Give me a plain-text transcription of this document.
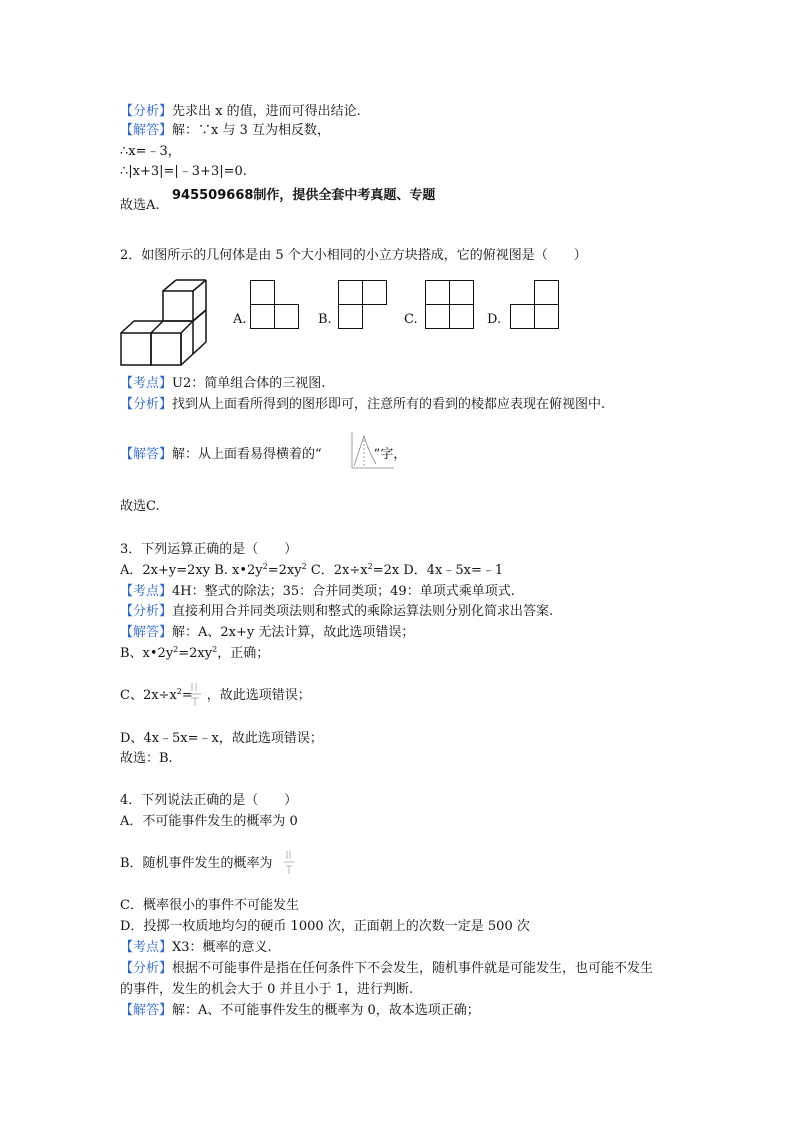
【分析】先求出 x 的值，进而可得出结论.
【解答】解：∵x 与 3 互为相反数，
∴x=﹣3，
∴|x+3|=|﹣3+3|=0.
945509668制作，提供全套中考真题、专题
故选A.
2．如图所示的几何体是由 5 个大小相同的小立方块搭成，它的俯视图是（　　）
A.	B.	C.	D.
【考点】U2：简单组合体的三视图.
【分析】找到从上面看所得到的图形即可，注意所有的看到的棱都应表现在俯视图中.
【解答】解：从上面看易得横着的“	”字，
故选C.
3．下列运算正确的是（　　）
A．2x+y=2xy B. $x•2y^2=2xy^2$ C．$2x\div x^2=2x$ D．4x﹣5x=﹣1
【考点】4H：整式的除法；35：合并同类项；49：单项式乘单项式.
【分析】直接利用合并同类项法则和整式的乘除运算法则分别化简求出答案.
【解答】解：A、2x+y 无法计算，故此选项错误；
B、$x•2y^2=2xy^2$，正确；
C、$2x\div x^2=$ ，故此选项错误；
D、4x﹣5x=﹣x，故此选项错误；
故选：B.
4．下列说法正确的是（　　）
A．不可能事件发生的概率为 0
B．随机事件发生的概率为
C．概率很小的事件不可能发生
D．投掷一枚质地均匀的硬币 1000 次，正面朝上的次数一定是 500 次
【考点】X3：概率的意义.
【分析】根据不可能事件是指在任何条件下不会发生，随机事件就是可能发生，也可能不发生
的事件，发生的机会大于 0 并且小于 1，进行判断.
【解答】解：A、不可能事件发生的概率为 0，故本选项正确；
